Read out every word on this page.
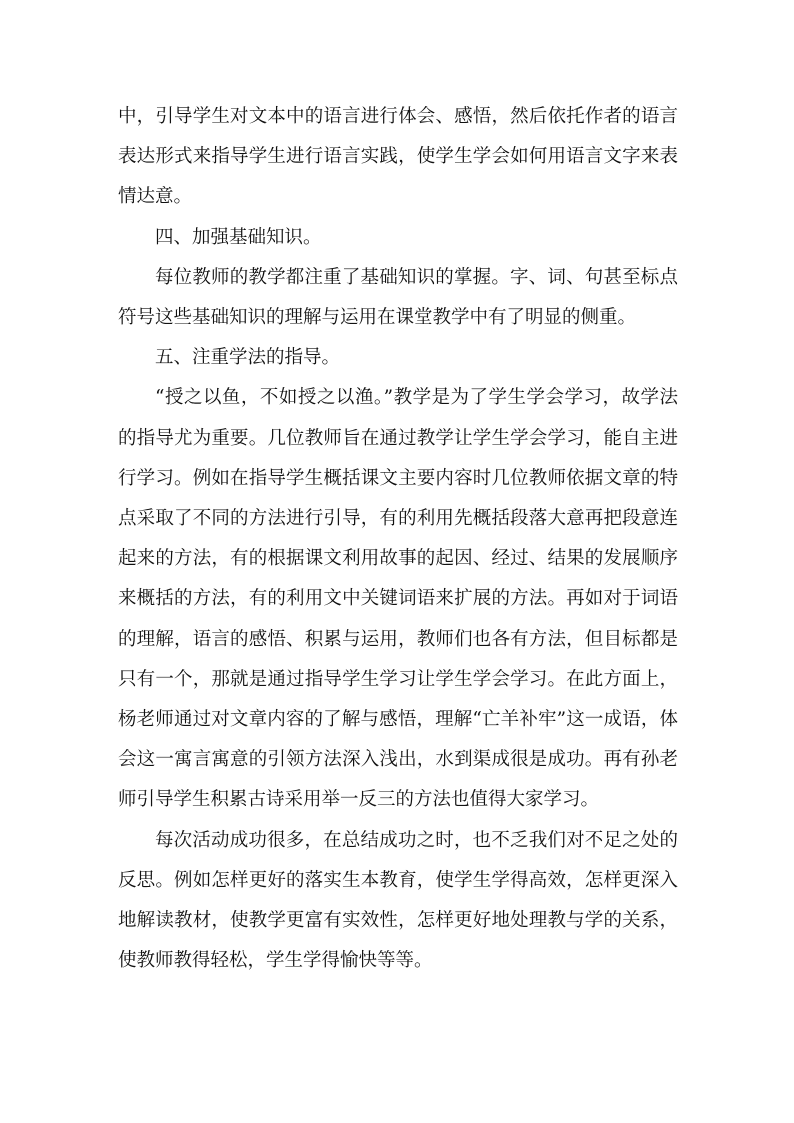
中，引导学生对文本中的语言进行体会、感悟，然后依托作者的语言表达形式来指导学生进行语言实践，使学生学会如何用语言文字来表情达意。

四、加强基础知识。

每位教师的教学都注重了基础知识的掌握。字、词、句甚至标点符号这些基础知识的理解与运用在课堂教学中有了明显的侧重。

五、注重学法的指导。

“授之以鱼，不如授之以渔。”教学是为了学生学会学习，故学法的指导尤为重要。几位教师旨在通过教学让学生学会学习，能自主进行学习。例如在指导学生概括课文主要内容时几位教师依据文章的特点采取了不同的方法进行引导，有的利用先概括段落大意再把段意连起来的方法，有的根据课文利用故事的起因、经过、结果的发展顺序来概括的方法，有的利用文中关键词语来扩展的方法。再如对于词语的理解，语言的感悟、积累与运用，教师们也各有方法，但目标都是只有一个，那就是通过指导学生学习让学生学会学习。在此方面上，杨老师通过对文章内容的了解与感悟，理解“亡羊补牢”这一成语，体会这一寓言寓意的引领方法深入浅出，水到渠成很是成功。再有孙老师引导学生积累古诗采用举一反三的方法也值得大家学习。

每次活动成功很多，在总结成功之时，也不乏我们对不足之处的反思。例如怎样更好的落实生本教育，使学生学得高效，怎样更深入地解读教材，使教学更富有实效性，怎样更好地处理教与学的关系，使教师教得轻松，学生学得愉快等等。
